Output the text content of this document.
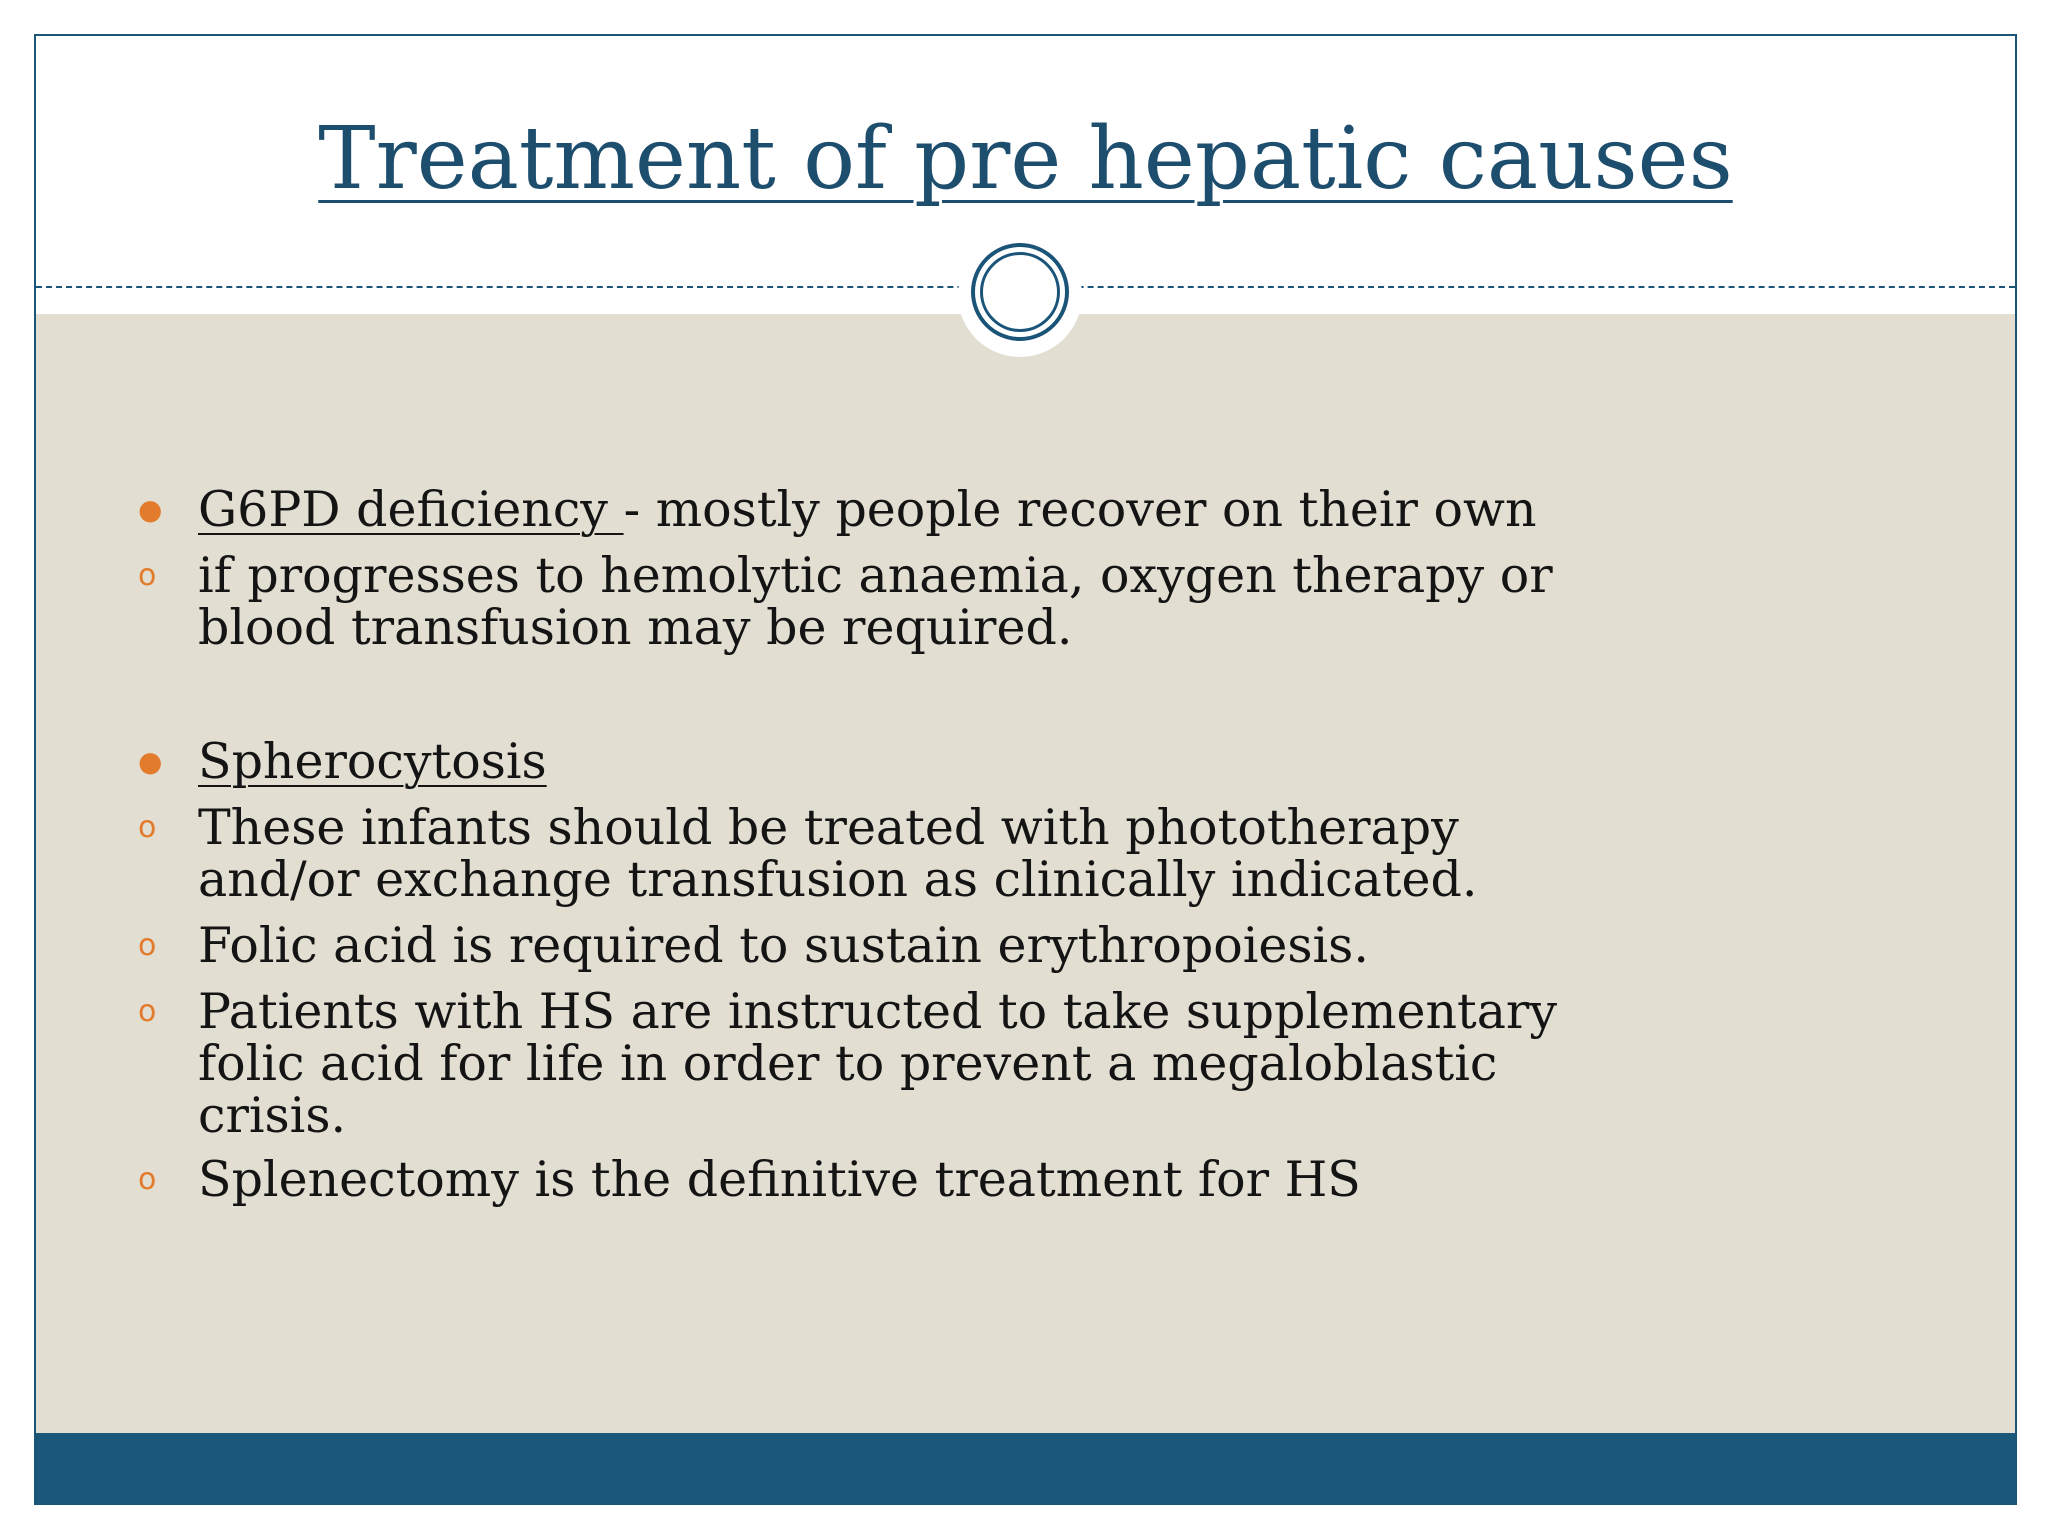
Treatment of pre hepatic causes
● G6PD deficiency - mostly people recover on their own
o if progresses to hemolytic anaemia, oxygen therapy or blood transfusion may be required.
● Spherocytosis
o These infants should be treated with phototherapy and/or exchange transfusion as clinically indicated.
o Folic acid is required to sustain erythropoiesis.
o Patients with HS are instructed to take supplementary folic acid for life in order to prevent a megaloblastic crisis.
o Splenectomy is the definitive treatment for HS
